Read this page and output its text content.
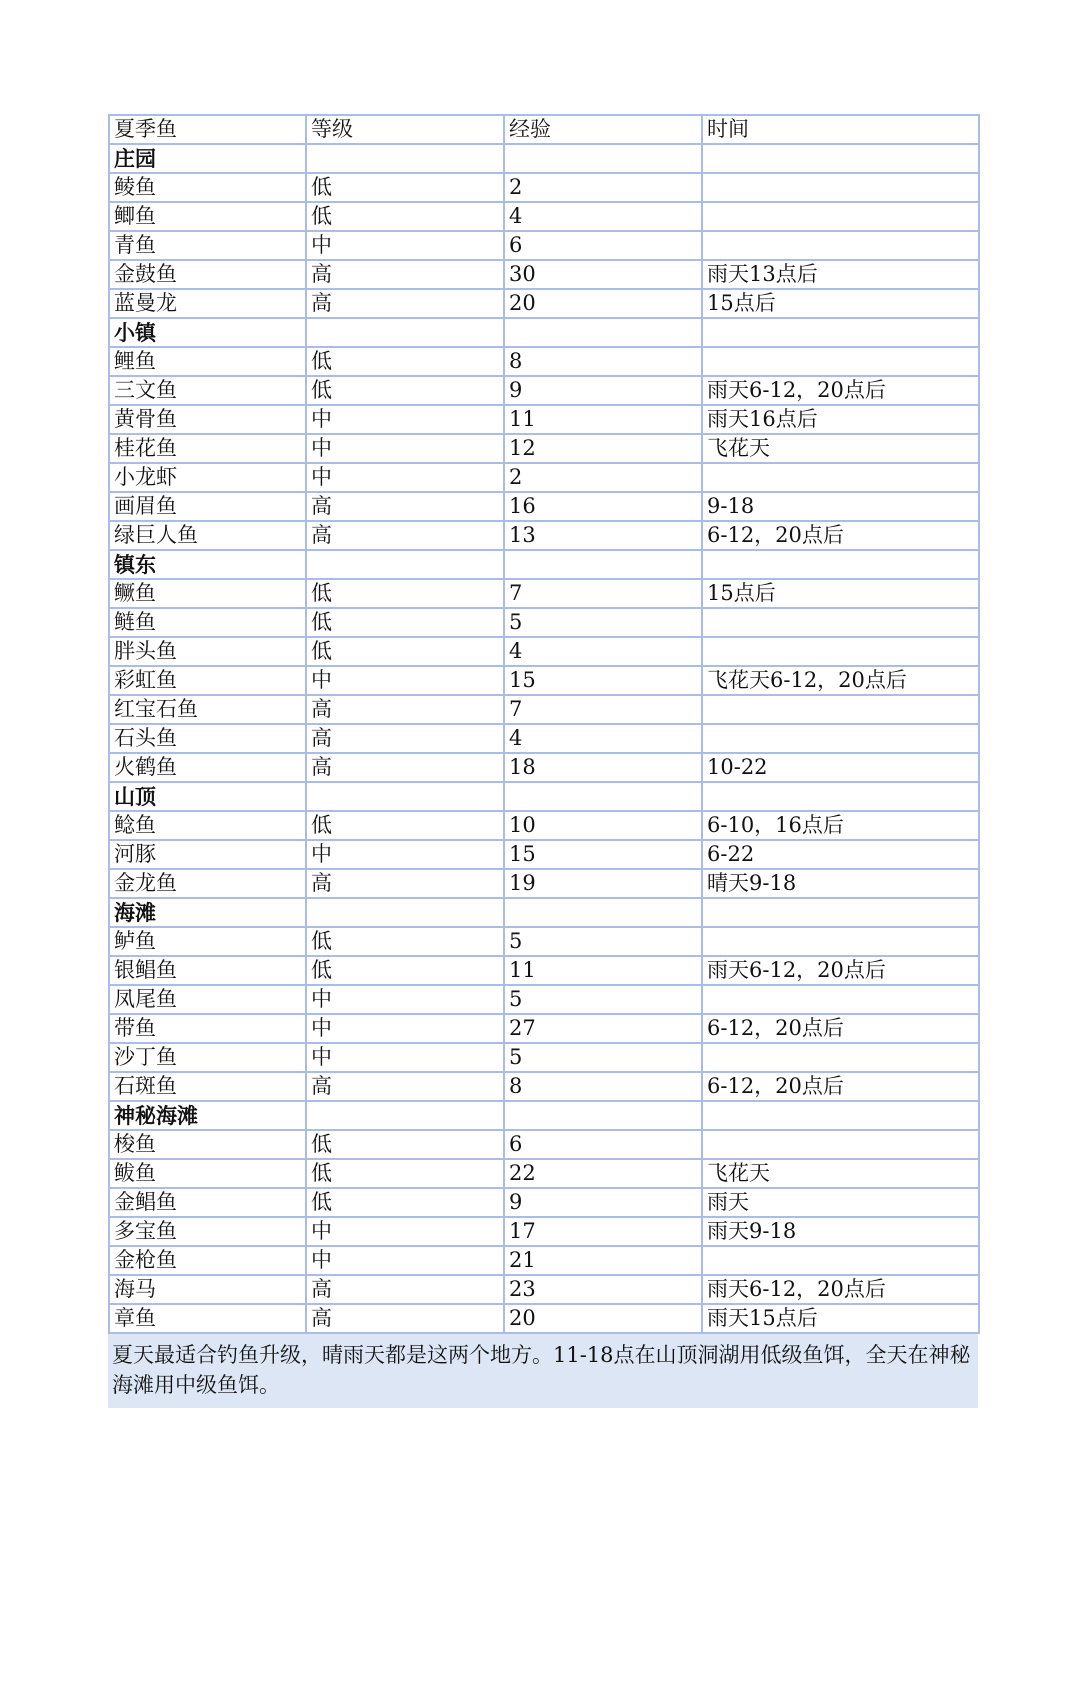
夏季鱼	等级	经验	时间
庄园			
鲮鱼	低	2	
鲫鱼	低	4	
青鱼	中	6	
金鼓鱼	高	30	雨天13点后
蓝曼龙	高	20	15点后
小镇			
鲤鱼	低	8	
三文鱼	低	9	雨天6-12，20点后
黄骨鱼	中	11	雨天16点后
桂花鱼	中	12	飞花天
小龙虾	中	2	
画眉鱼	高	16	9-18
绿巨人鱼	高	13	6-12，20点后
镇东			
鳜鱼	低	7	15点后
鲢鱼	低	5	
胖头鱼	低	4	
彩虹鱼	中	15	飞花天6-12，20点后
红宝石鱼	高	7	
石头鱼	高	4	
火鹤鱼	高	18	10-22
山顶			
鲶鱼	低	10	6-10，16点后
河豚	中	15	6-22
金龙鱼	高	19	晴天9-18
海滩			
鲈鱼	低	5	
银鲳鱼	低	11	雨天6-12，20点后
凤尾鱼	中	5	
带鱼	中	27	6-12，20点后
沙丁鱼	中	5	
石斑鱼	高	8	6-12，20点后
神秘海滩			
梭鱼	低	6	
鲅鱼	低	22	飞花天
金鲳鱼	低	9	雨天
多宝鱼	中	17	雨天9-18
金枪鱼	中	21	
海马	高	23	雨天6-12，20点后
章鱼	高	20	雨天15点后
夏天最适合钓鱼升级，晴雨天都是这两个地方。11-18点在山顶洞湖用低级鱼饵，全天在神秘海滩用中级鱼饵。
